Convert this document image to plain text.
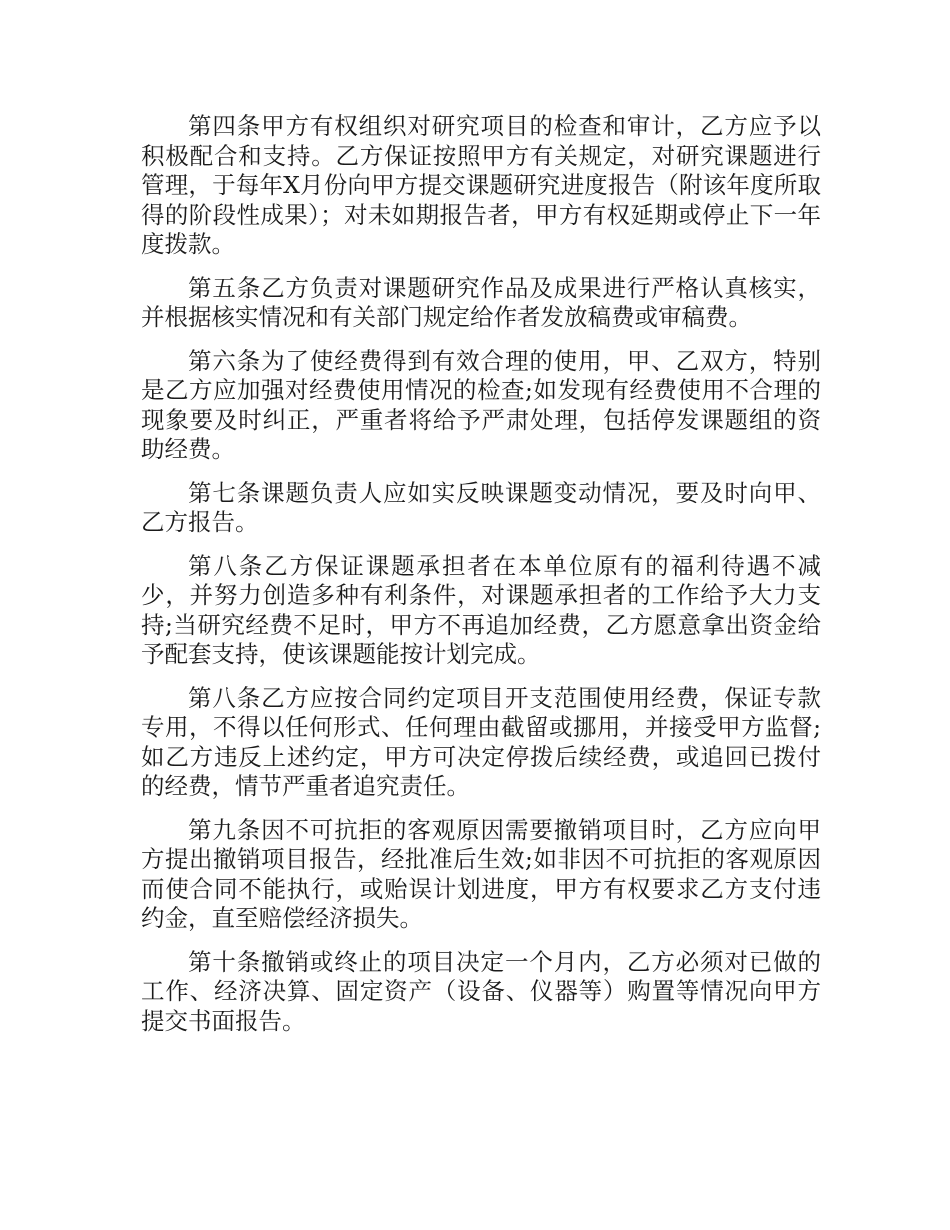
第四条甲方有权组织对研究项目的检查和审计，乙方应予以积极配合和支持。乙方保证按照甲方有关规定，对研究课题进行管理，于每年X月份向甲方提交课题研究进度报告（附该年度所取得的阶段性成果）；对未如期报告者，甲方有权延期或停止下一年度拨款。

第五条乙方负责对课题研究作品及成果进行严格认真核实，并根据核实情况和有关部门规定给作者发放稿费或审稿费。

第六条为了使经费得到有效合理的使用，甲、乙双方，特别是乙方应加强对经费使用情况的检查;如发现有经费使用不合理的现象要及时纠正，严重者将给予严肃处理，包括停发课题组的资助经费。

第七条课题负责人应如实反映课题变动情况，要及时向甲、乙方报告。

第八条乙方保证课题承担者在本单位原有的福利待遇不减少，并努力创造多种有利条件，对课题承担者的工作给予大力支持;当研究经费不足时，甲方不再追加经费，乙方愿意拿出资金给予配套支持，使该课题能按计划完成。

第八条乙方应按合同约定项目开支范围使用经费，保证专款专用，不得以任何形式、任何理由截留或挪用，并接受甲方监督;如乙方违反上述约定，甲方可决定停拨后续经费，或追回已拨付的经费，情节严重者追究责任。

第九条因不可抗拒的客观原因需要撤销项目时，乙方应向甲方提出撤销项目报告，经批准后生效;如非因不可抗拒的客观原因而使合同不能执行，或贻误计划进度，甲方有权要求乙方支付违约金，直至赔偿经济损失。

第十条撤销或终止的项目决定一个月内，乙方必须对已做的工作、经济决算、固定资产（设备、仪器等）购置等情况向甲方提交书面报告。
